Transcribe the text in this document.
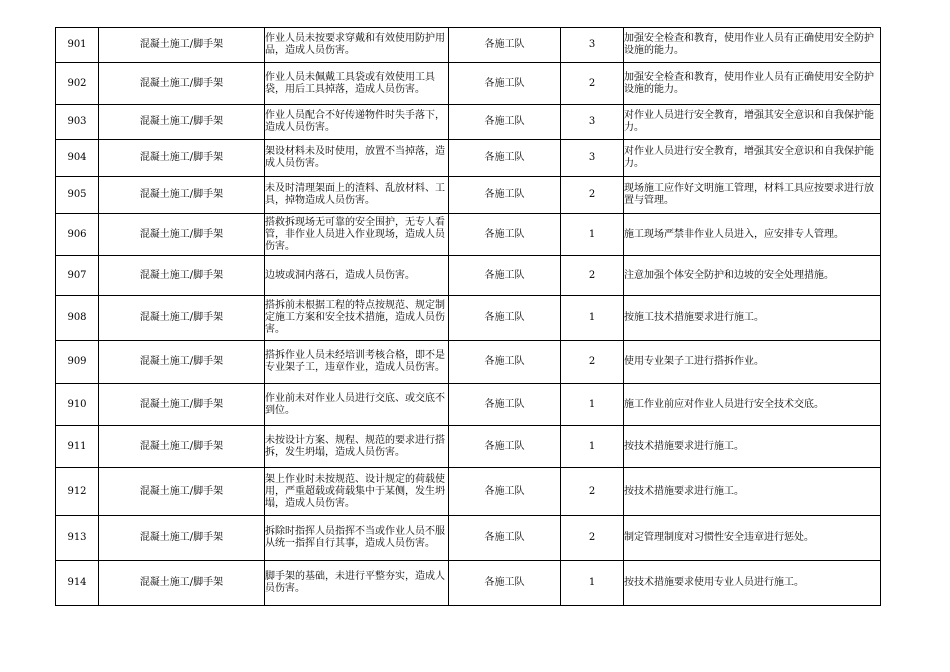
901	混凝土施工/脚手架	作业人员未按要求穿戴和有效使用防护用品，造成人员伤害。	各施工队	3	加强安全检查和教育，使用作业人员有正确使用安全防护设施的能力。
902	混凝土施工/脚手架	作业人员未佩戴工具袋或有效使用工具袋，用后工具掉落，造成人员伤害。	各施工队	2	加强安全检查和教育，使用作业人员有正确使用安全防护设施的能力。
903	混凝土施工/脚手架	作业人员配合不好传递物件时失手落下，造成人员伤害。	各施工队	3	对作业人员进行安全教育，增强其安全意识和自我保护能力。
904	混凝土施工/脚手架	架设材料未及时使用，放置不当掉落，造成人员伤害。	各施工队	3	对作业人员进行安全教育，增强其安全意识和自我保护能力。
905	混凝土施工/脚手架	未及时清理架面上的渣料、乱放材料、工具，掉物造成人员伤害。	各施工队	2	现场施工应作好文明施工管理，材料工具应按要求进行放置与管理。
906	混凝土施工/脚手架	搭救拆现场无可靠的安全围护，无专人看管，非作业人员进入作业现场，造成人员伤害。	各施工队	1	施工现场严禁非作业人员进入，应安排专人管理。
907	混凝土施工/脚手架	边坡或洞内落石，造成人员伤害。	各施工队	2	注意加强个体安全防护和边坡的安全处理措施。
908	混凝土施工/脚手架	搭拆前未根据工程的特点按规范、规定制定施工方案和安全技术措施，造成人员伤害。	各施工队	1	按施工技术措施要求进行施工。
909	混凝土施工/脚手架	搭拆作业人员未经培训考核合格，即不是专业架子工，违章作业，造成人员伤害。	各施工队	2	使用专业架子工进行搭拆作业。
910	混凝土施工/脚手架	作业前未对作业人员进行交底、或交底不到位。	各施工队	1	施工作业前应对作业人员进行安全技术交底。
911	混凝土施工/脚手架	未按设计方案、规程、规范的要求进行搭拆，发生坍塌，造成人员伤害。	各施工队	1	按技术措施要求进行施工。
912	混凝土施工/脚手架	架上作业时未按规范、设计规定的荷载使用，严重超载或荷载集中于某侧，发生坍塌，造成人员伤害。	各施工队	2	按技术措施要求进行施工。
913	混凝土施工/脚手架	拆除时指挥人员指挥不当或作业人员不服从统一指挥自行其事，造成人员伤害。	各施工队	2	制定管理制度对习惯性安全违章进行惩处。
914	混凝土施工/脚手架	脚手架的基础，未进行平整夯实，造成人员伤害。	各施工队	1	按技术措施要求使用专业人员进行施工。
